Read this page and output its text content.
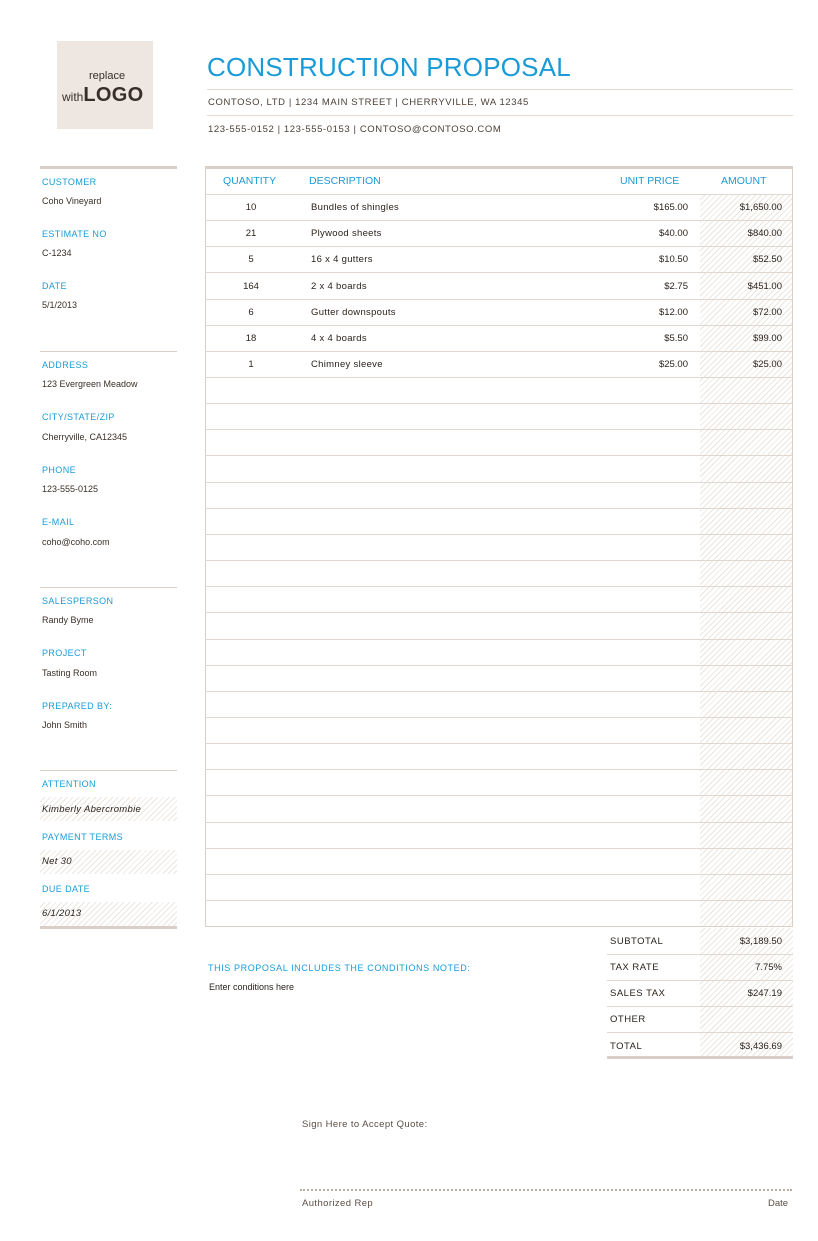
replace
withLOGO
CONSTRUCTION PROPOSAL
CONTOSO, LTD | 1234 MAIN STREET | CHERRYVILLE, WA 12345
123-555-0152 | 123-555-0153 | CONTOSO@CONTOSO.COM
CUSTOMER
Coho Vineyard
ESTIMATE NO
C-1234
DATE
5/1/2013
ADDRESS
123 Evergreen Meadow
CITY/STATE/ZIP
Cherryville, CA12345
PHONE
123-555-0125
E-MAIL
coho@coho.com
SALESPERSON
Randy Byme
PROJECT
Tasting Room
PREPARED BY:
John Smith
ATTENTION
Kimberly Abercrombie
PAYMENT TERMS
Net 30
DUE DATE
6/1/2013
QUANTITY	DESCRIPTION	UNIT PRICE	AMOUNT
10	Bundles of shingles	$165.00	$1,650.00
21	Plywood sheets	$40.00	$840.00
5	16 x 4 gutters	$10.50	$52.50
164	2 x 4 boards	$2.75	$451.00
6	Gutter downspouts	$12.00	$72.00
18	4 x 4 boards	$5.50	$99.00
1	Chimney sleeve	$25.00	$25.00
THIS PROPOSAL INCLUDES THE CONDITIONS NOTED:
Enter conditions here
SUBTOTAL	$3,189.50
TAX RATE	7.75%
SALES TAX	$247.19
OTHER
TOTAL	$3,436.69
Sign Here to Accept Quote:
Authorized Rep	Date
